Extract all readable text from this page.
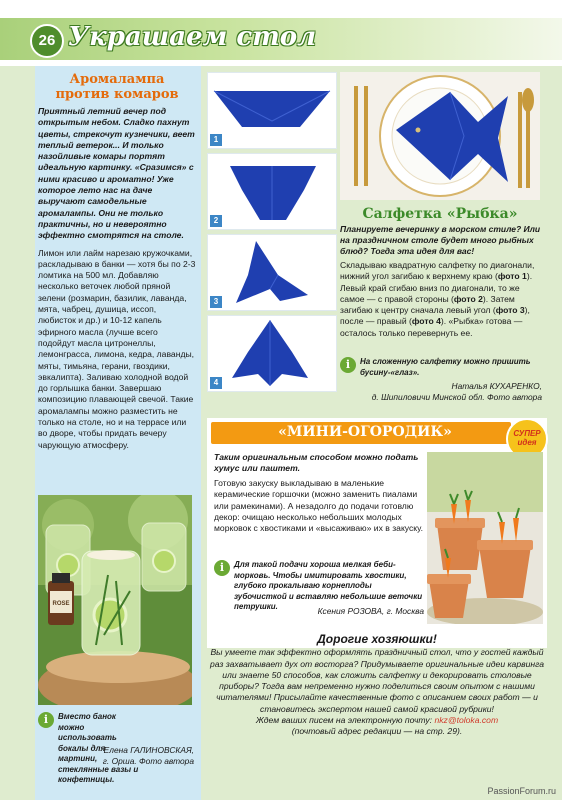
26 Украшаем стол
Аромалампа
против комаров

Приятный летний вечер под открытым небом. Сладко пахнут цветы, стрекочут кузнечики, веет теплый ветерок... И только назойливые комары портят идеальную картинку. «Сразимся» с ними красиво и ароматно! Уже которое лето нас на даче выручают самодельные аромалампы. Они не только практичны, но и невероятно эффектно смотрятся на столе.

Лимон или лайм нарезаю кружочками, раскладываю в банки — хотя бы по 2-3 ломтика на 500 мл. Добавляю несколько веточек любой пряной зелени (розмарин, базилик, лаванда, мята, чабрец, душица, иссоп, любисток и др.) и 10-12 капель эфирного масла (лучше всего подойдут масла цитронеллы, лемонграсса, лимона, кедра, лаванды, мяты, тимьяна, герани, гвоздики, эвкалипта). Заливаю холодной водой до горлышка банки. Завершаю композицию плавающей свечой. Такие аромалампы можно разместить не только на столе, но и на террасе или во дворе, чтобы придать вечеру чарующую атмосферу.

ROSE
i	Вместо банок можно использовать бокалы для мартини, стеклянные вазы и конфетницы.
Елена ГАЛИНОВСКАЯ,
г. Орша. Фото автора
1
2
3
4
Салфетка «Рыбка»
Планируете вечеринку в морском стиле? Или на праздничном столе будет много рыбных блюд? Тогда эта идея для вас!
Складываю квадратную салфетку по диагонали, нижний угол загибаю к верхнему краю (фото 1). Левый край сгибаю вниз по диагонали, то же самое — с правой стороны (фото 2). Затем загибаю к центру сначала левый угол (фото 3), после — правый (фото 4). «Рыбка» готова — осталось только перевернуть ее.
i	На сложенную салфетку можно пришить бусину-«глаз».
Наталья КУХАРЕНКО,
д. Шипиловичи Минской обл. Фото автора
«МИНИ-ОГОРОДИК»	СУПЕР
идея
Таким оригинальным способом можно подать хумус или паштет.
Готовую закуску выкладываю в маленькие керамические горшочки (можно заменить пиалами или рамекинами). А незадолго до подачи готовлю декор: очищаю несколько небольших молодых морковок с хвостиками и «высаживаю» их в закуску.
i	Для такой подачи хороша мелкая беби-морковь. Чтобы имитировать хвостики, глубоко прокалываю корнеплоды зубочисткой и вставляю небольшие веточки петрушки.	Ксения РОЗОВА, г. Москва
Дорогие хозяюшки!
Вы умеете так эффектно оформлять праздничный стол, что у гостей каждый раз захватывает дух от восторга? Придумываете оригинальные идеи карвинга или знаете 50 способов, как сложить салфетку и декорировать столовые приборы? Тогда вам непременно нужно поделиться своим опытом с нашими читателями! Присылайте качественные фото с описанием своих работ — и становитесь экспертом нашей самой красивой рубрики!
Ждем ваших писем на электронную почту: nkz@toloka.com
(почтовый адрес редакции — на стр. 29).
PassionForum.ru
